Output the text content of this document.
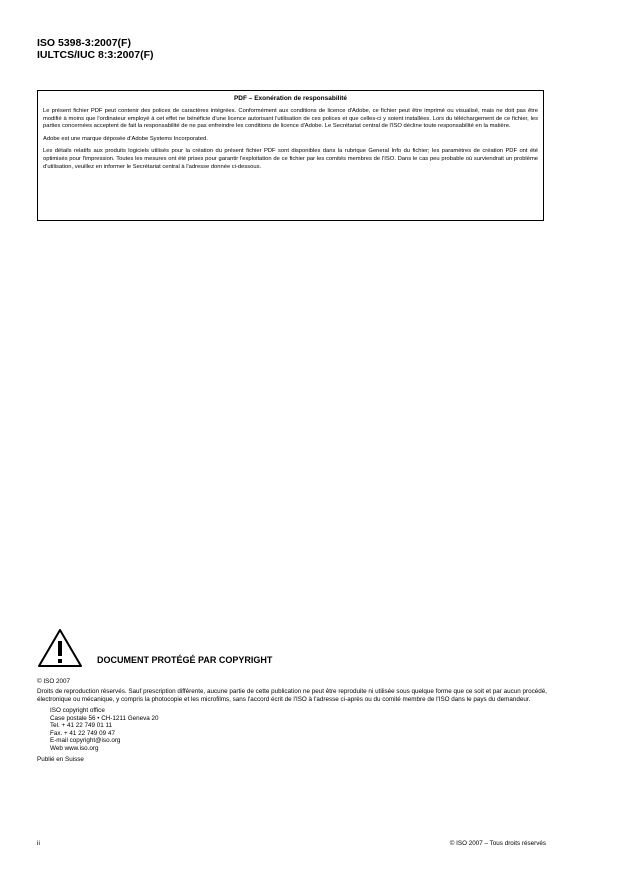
ISO 5398-3:2007(F)
IULTCS/IUC 8:3:2007(F)
PDF – Exonération de responsabilité

Le présent fichier PDF peut contenir des polices de caractères intégrées. Conformément aux conditions de licence d'Adobe, ce fichier peut être imprimé ou visualisé, mais ne doit pas être modifié à moins que l'ordinateur employé à cet effet ne bénéficie d'une licence autorisant l'utilisation de ces polices et que celles-ci y soient installées. Lors du téléchargement de ce fichier, les parties concernées acceptent de fait la responsabilité de ne pas enfreindre les conditions de licence d'Adobe. Le Secrétariat central de l'ISO décline toute responsabilité en la matière.

Adobe est une marque déposée d'Adobe Systems Incorporated.

Les détails relatifs aux produits logiciels utilisés pour la création du présent fichier PDF sont disponibles dans la rubrique General Info du fichier; les paramètres de création PDF ont été optimisés pour l'impression. Toutes les mesures ont été prises pour garantir l'exploitation de ce fichier par les comités membres de l'ISO. Dans le cas peu probable où surviendrait un problème d'utilisation, veuillez en informer le Secrétariat central à l'adresse donnée ci-dessous.

DOCUMENT PROTÉGÉ PAR COPYRIGHT

© ISO 2007

Droits de reproduction réservés. Sauf prescription différente, aucune partie de cette publication ne peut être reproduite ni utilisée sous quelque forme que ce soit et par aucun procédé, électronique ou mécanique, y compris la photocopie et les microfilms, sans l'accord écrit de l'ISO à l'adresse ci-après ou du comité membre de l'ISO dans le pays du demandeur.

ISO copyright office
Case postale 56 • CH-1211 Geneva 20
Tel. + 41 22 749 01 11
Fax. + 41 22 749 09 47
E-mail copyright@iso.org
Web www.iso.org

Publié en Suisse

ii	© ISO 2007 – Tous droits réservés
